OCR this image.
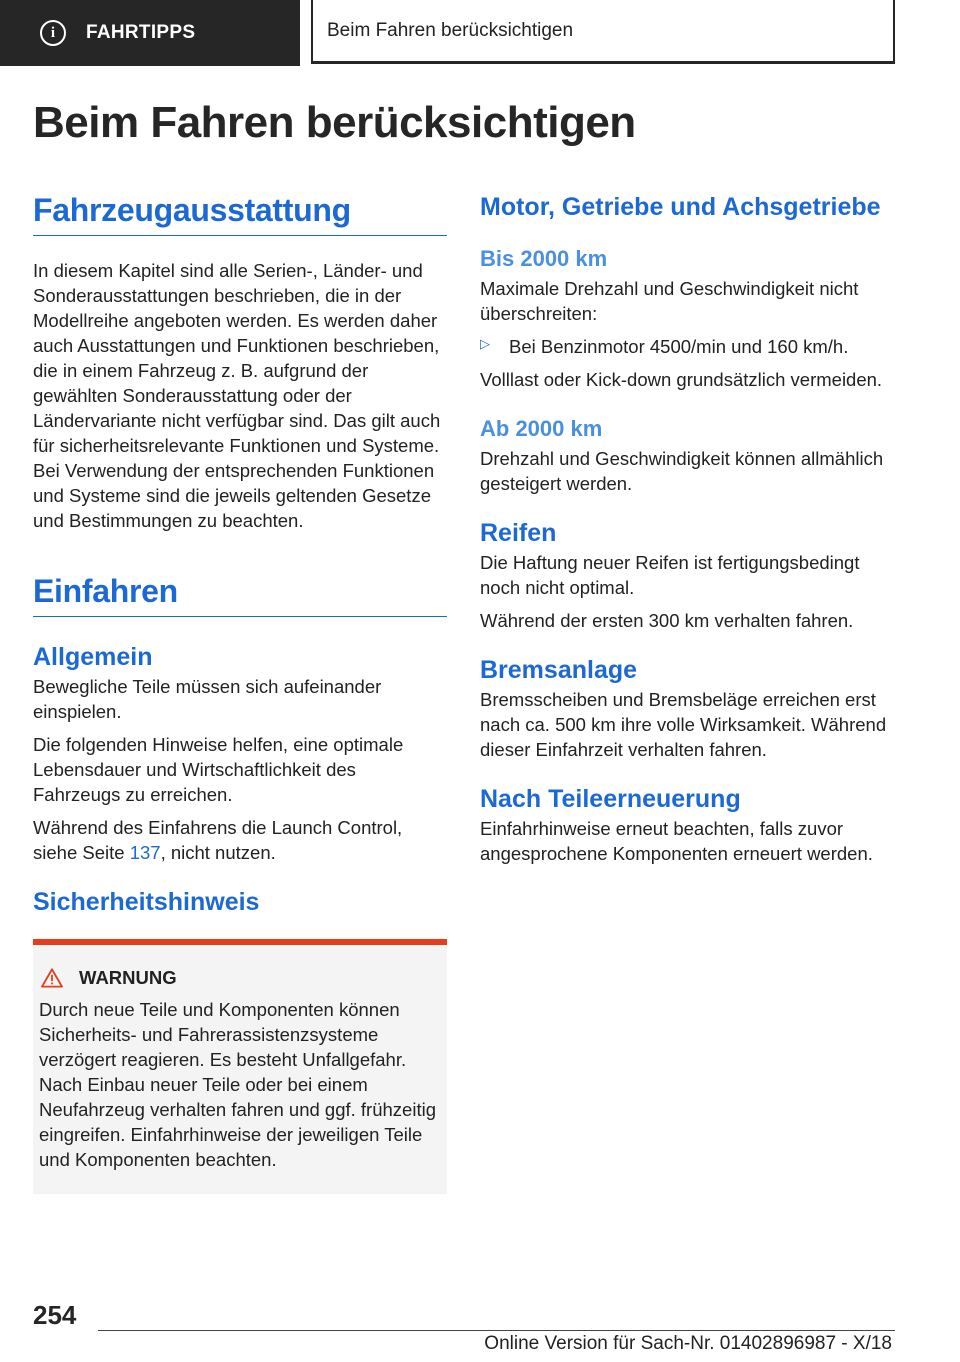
i	FAHRTIPPS	Beim Fahren berücksichtigen
Beim Fahren berücksichtigen
Fahrzeugausstattung

In diesem Kapitel sind alle Serien-, Länder- und Sonderausstattungen beschrieben, die in der Modellreihe angeboten werden. Es werden daher auch Ausstattungen und Funktionen beschrieben, die in einem Fahrzeug z. B. aufgrund der gewählten Sonderausstattung oder der Ländervariante nicht verfügbar sind. Das gilt auch für sicherheitsrelevante Funktionen und Systeme. Bei Verwendung der entsprechenden Funktionen und Systeme sind die jeweils geltenden Gesetze und Bestimmungen zu beachten.

Einfahren
Allgemein

Bewegliche Teile müssen sich aufeinander einspielen.

Die folgenden Hinweise helfen, eine optimale Lebensdauer und Wirtschaftlichkeit des Fahrzeugs zu erreichen.

Während des Einfahrens die Launch Control, siehe Seite 137, nicht nutzen.

Sicherheitshinweis
WARNUNG

Durch neue Teile und Komponenten können Sicherheits- und Fahrerassistenzsysteme verzögert reagieren. Es besteht Unfallgefahr. Nach Einbau neuer Teile oder bei einem Neufahrzeug verhalten fahren und ggf. frühzeitig eingreifen. Einfahrhinweise der jeweiligen Teile und Komponenten beachten.

Motor, Getriebe und Achsgetriebe
Bis 2000 km

Maximale Drehzahl und Geschwindigkeit nicht überschreiten:

▷	Bei Benzinmotor 4500/min und 160 km/h.

Volllast oder Kick-down grundsätzlich vermeiden.

Ab 2000 km

Drehzahl und Geschwindigkeit können allmählich gesteigert werden.

Reifen

Die Haftung neuer Reifen ist fertigungsbedingt noch nicht optimal.

Während der ersten 300 km verhalten fahren.

Bremsanlage

Bremsscheiben und Bremsbeläge erreichen erst nach ca. 500 km ihre volle Wirksamkeit. Während dieser Einfahrzeit verhalten fahren.

Nach Teileerneuerung

Einfahrhinweise erneut beachten, falls zuvor angesprochene Komponenten erneuert werden.

254
Online Version für Sach-Nr. 01402896987 - X/18
